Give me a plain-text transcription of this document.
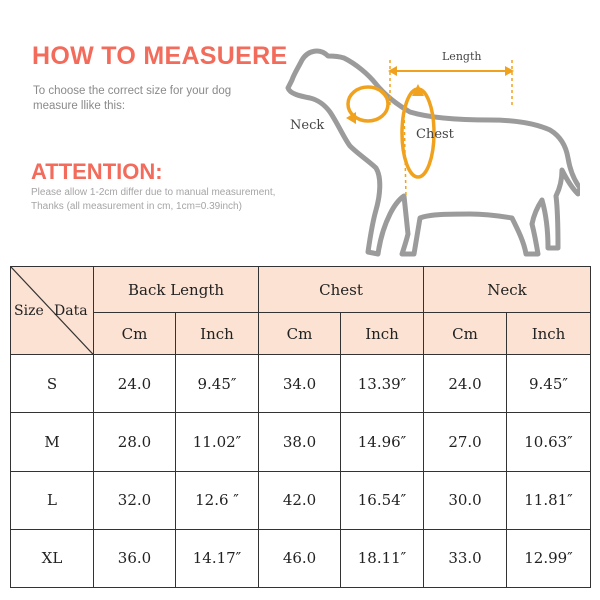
HOW TO MEASUERE
To choose the correct size for your dog measure llike this:
ATTENTION:
Please allow 1-2cm differ due to manual measurement,
Thanks (all measurement in cm, 1cm=0.39inch)
Length
Neck
Chest
Size Data	Back Length		Chest		Neck	
	Cm	Inch	Cm	Inch	Cm	Inch
S	24.0	9.45″	34.0	13.39″	24.0	9.45″
M	28.0	11.02″	38.0	14.96″	27.0	10.63″
L	32.0	12.6 ″	42.0	16.54″	30.0	11.81″
XL	36.0	14.17″	46.0	18.11″	33.0	12.99″
